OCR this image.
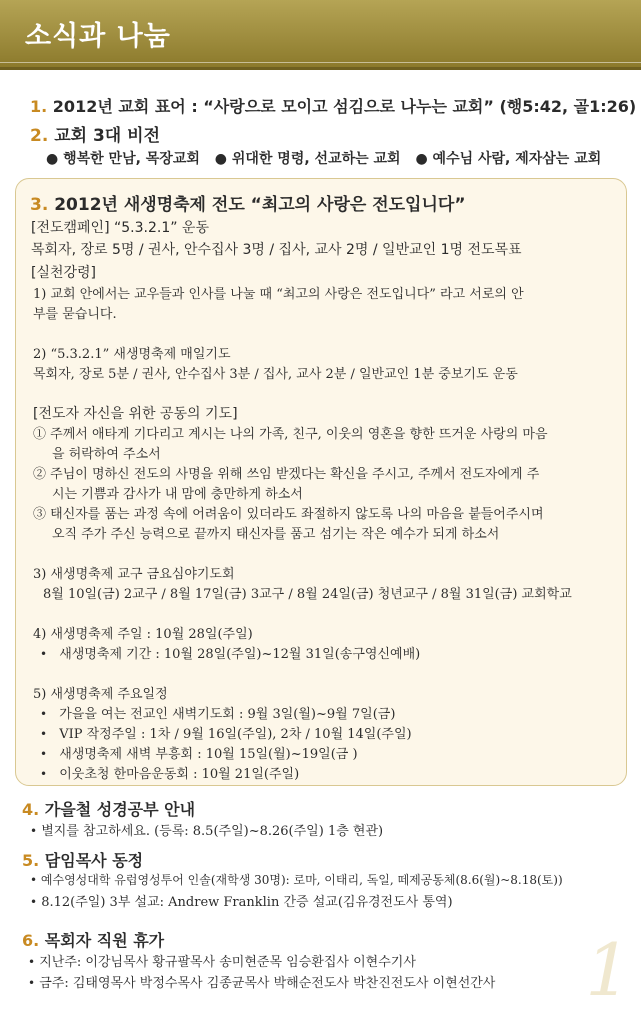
소식과 나눔
1. 2012년 교회 표어 : “사랑으로 모이고 섬김으로 나누는 교회” (행5:42, 골1:26)
2. 교회 3대 비전
● 행복한 만남, 목장교회 ● 위대한 명령, 선교하는 교회 ● 예수님 사람, 제자삼는 교회
3. 2012년 새생명축제 전도 “최고의 사랑은 전도입니다”
[전도캠페인] “5.3.2.1” 운동
목회자, 장로 5명 / 권사, 안수집사 3명 / 집사, 교사 2명 / 일반교인 1명 전도목표
[실천강령]
1) 교회 안에서는 교우들과 인사를 나눌 때 “최고의 사랑은 전도입니다” 라고 서로의 안
부를 묻습니다.
2) “5.3.2.1” 새생명축제 매일기도
목회자, 장로 5분 / 권사, 안수집사 3분 / 집사, 교사 2분 / 일반교인 1분 중보기도 운동
[전도자 자신을 위한 공동의 기도]
① 주께서 애타게 기다리고 계시는 나의 가족, 친구, 이웃의 영혼을 향한 뜨거운 사랑의 마음
을 허락하여 주소서
② 주님이 명하신 전도의 사명을 위해 쓰임 받겠다는 확신을 주시고, 주께서 전도자에게 주
시는 기쁨과 감사가 내 맘에 충만하게 하소서
③ 태신자를 품는 과정 속에 어려움이 있더라도 좌절하지 않도록 나의 마음을 붙들어주시며
오직 주가 주신 능력으로 끝까지 태신자를 품고 섬기는 작은 예수가 되게 하소서
3) 새생명축제 교구 금요심야기도회
8월 10일(금) 2교구 / 8월 17일(금) 3교구 / 8월 24일(금) 청년교구 / 8월 31일(금) 교회학교
4) 새생명축제 주일 : 10월 28일(주일)
• 새생명축제 기간 : 10월 28일(주일)~12월 31일(송구영신예배)
5) 새생명축제 주요일정
• 가을을 여는 전교인 새벽기도회 : 9월 3일(월)~9월 7일(금)
• VIP 작정주일 : 1차 / 9월 16일(주일), 2차 / 10월 14일(주일)
• 새생명축제 새벽 부흥회 : 10월 15일(월)~19일(금 )
• 이웃초청 한마음운동회 : 10월 21일(주일)
4. 가을철 성경공부 안내
• 별지를 참고하세요. (등록: 8.5(주일)~8.26(주일) 1층 현관)
5. 담임목사 동정
• 예수영성대학 유럽영성투어 인솔(재학생 30명): 로마, 이태리, 독일, 떼제공동체(8.6(월)~8.18(토))
• 8.12(주일) 3부 설교: Andrew Franklin 간증 설교(김유경전도사 통역)
6. 목회자 직원 휴가
• 지난주: 이강님목사 황규팔목사 송미현준목 임승환집사 이현수기사
• 금주: 김태영목사 박정수목사 김종균목사 박해순전도사 박찬진전도사 이현선간사 1
